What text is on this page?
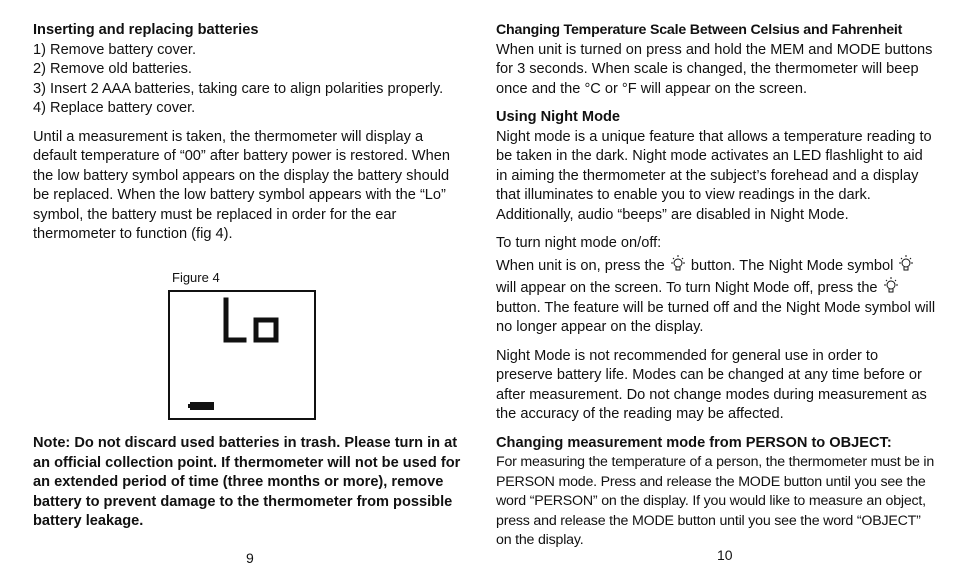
Inserting and replacing batteries

1) Remove battery cover.
2) Remove old batteries.
3) Insert 2 AAA batteries, taking care to align polarities properly.
4) Replace battery cover.

Until a measurement is taken, the thermometer will display a default temperature of “00” after battery power is restored. When the low battery symbol appears on the display the battery should be replaced. When the low battery symbol appears with the “Lo” symbol, the battery must be replaced in order for the ear thermometer to function (fig 4).

Figure 4
Note: Do not discard used batteries in trash. Please turn in at an official collection point. If thermometer will not be used for an extended period of time (three months or more), remove battery to prevent damage to the thermometer from possible battery leakage.
9

Changing Temperature Scale Between Celsius and Fahrenheit

When unit is turned on press and hold the MEM and MODE buttons for 3 seconds. When scale is changed, the thermometer will beep once and the °C or °F will appear on the screen.

Using Night Mode

Night mode is a unique feature that allows a temperature reading to be taken in the dark. Night mode activates an LED flashlight to aid in aiming the thermometer at the subject’s forehead and a display that illuminates to enable you to view readings in the dark. Additionally, audio “beeps” are disabled in Night Mode.

To turn night mode on/off:

When unit is on, press the button. The Night Mode symbol  will appear on the screen. To turn Night Mode off, press the  button. The feature will be turned off and the Night Mode symbol will no longer appear on the display.

Night Mode is not recommended for general use in order to preserve battery life. Modes can be changed at any time before or after measurement. Do not change modes during measurement as the accuracy of the reading may be affected.

Changing measurement mode from PERSON to OBJECT:

For measuring the temperature of a person, the thermometer must be in PERSON mode. Press and release the MODE button until you see the word “PERSON” on the display. If you would like to measure an object, press and release the MODE button until you see the word “OBJECT” on the display.

10
